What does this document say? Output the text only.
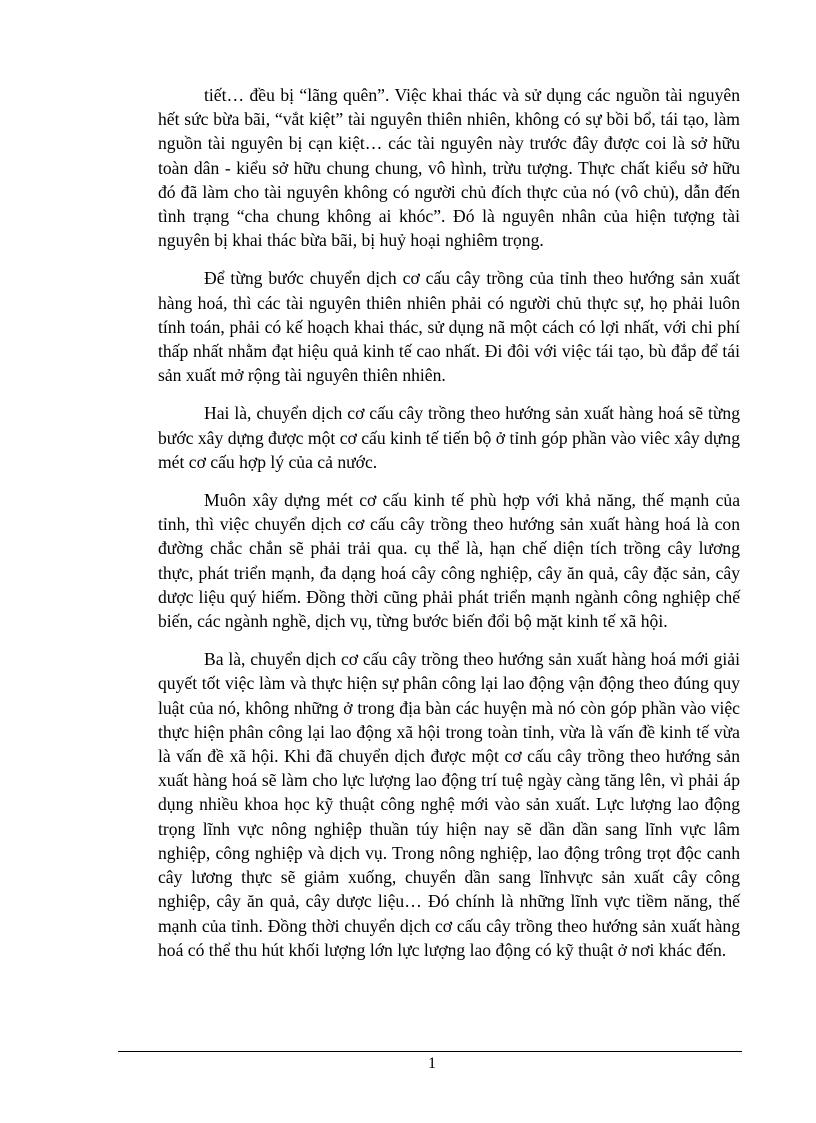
tiết… đều bị “lãng quên”. Việc khai thác và sử dụng các nguồn tài nguyên hết sức bừa bãi, “vắt kiệt” tài nguyên thiên nhiên, không có sự bồi bổ, tái tạo, làm nguồn tài nguyên bị cạn kiệt… các tài nguyên này trước đây được coi là sở hữu toàn dân - kiểu sở hữu chung chung, vô hình, trừu tượng. Thực chất kiểu sở hữu đó đã làm cho tài nguyên không có người chủ đích thực của nó (vô chủ), dẫn đến tình trạng “cha chung không ai khóc”. Đó là nguyên nhân của hiện tượng tài nguyên bị khai thác bừa bãi, bị huỷ hoại nghiêm trọng.

Để từng bước chuyển dịch cơ cấu cây trồng của tỉnh theo hướng sản xuất hàng hoá, thì các tài nguyên thiên nhiên phải có người chủ thực sự, họ phải luôn tính toán, phải có kế hoạch khai thác, sử dụng nã một cách có lợi nhất, với chi phí thấp nhất nhằm đạt hiệu quả kinh tế cao nhất. Đi đôi với việc tái tạo, bù đắp để tái sản xuất mở rộng tài nguyên thiên nhiên.

Hai là, chuyển dịch cơ cấu cây trồng theo hướng sản xuất hàng hoá sẽ từng bước xây dựng được một cơ cấu kinh tế tiến bộ ở tỉnh góp phần vào viêc xây dựng mét cơ cấu hợp lý của cả nước.

Muôn xây dựng mét cơ cấu kinh tế phù hợp với khả năng, thế mạnh của tỉnh, thì việc chuyển dịch cơ cấu cây trồng theo hướng sản xuất hàng hoá là con đường chắc chắn sẽ phải trải qua. cụ thể là, hạn chế diện tích trồng cây lương thực, phát triển mạnh, đa dạng hoá cây công nghiệp, cây ăn quả, cây đặc sản, cây dược liệu quý hiếm. Đồng thời cũng phải phát triển mạnh ngành công nghiệp chế biến, các ngành nghề, dịch vụ, từng bước biến đổi bộ mặt kinh tế xã hội.

Ba là, chuyển dịch cơ cấu cây trồng theo hướng sản xuất hàng hoá mới giải quyết tốt việc làm và thực hiện sự phân công lại lao động vận động theo đúng quy luật của nó, không những ở trong địa bàn các huyện mà nó còn góp phần vào việc thực hiện phân công lại lao động xã hội trong toàn tỉnh, vừa là vấn đề kinh tế vừa là vấn đề xã hội. Khi đã chuyển dịch được một cơ cấu cây trồng theo hướng sản xuất hàng hoá sẽ làm cho lực lượng lao động trí tuệ ngày càng tăng lên, vì phải áp dụng nhiều khoa học kỹ thuật công nghệ mới vào sản xuất. Lực lượng lao động trọng lĩnh vực nông nghiệp thuần túy hiện nay sẽ dần dần sang lĩnh vực lâm nghiệp, công nghiệp và dịch vụ. Trong nông nghiệp, lao động trông trọt độc canh cây lương thực sẽ giảm xuống, chuyển dần sang lĩnhvực sản xuất cây công nghiệp, cây ăn quả, cây dược liệu… Đó chính là những lĩnh vực tiềm năng, thế mạnh của tỉnh. Đồng thời chuyển dịch cơ cấu cây trồng theo hướng sản xuất hàng hoá có thể thu hút khối lượng lớn lực lượng lao động có kỹ thuật ở nơi khác đến.

1
